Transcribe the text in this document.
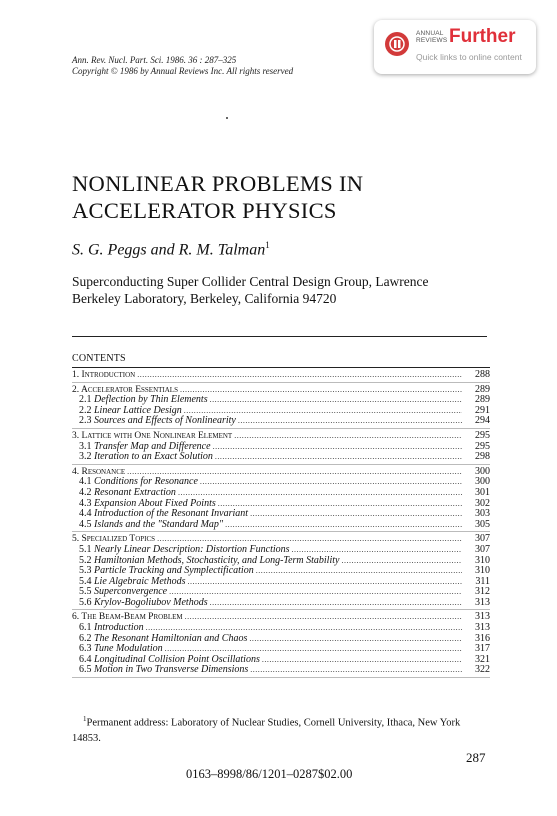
Ann. Rev. Nucl. Part. Sci. 1986. 36 : 287–325
Copyright © 1986 by Annual Reviews Inc. All rights reserved
ANNUAL
REVIEWS Further
Quick links to online content
NONLINEAR PROBLEMS IN
ACCELERATOR PHYSICS
S. G. Peggs and R. M. Talman$^1$
Superconducting Super Collider Central Design Group, Lawrence
Berkeley Laboratory, Berkeley, California 94720
CONTENTS
1. Introduction .....	288
2. Accelerator Essentials .....	289
2.1 Deflection by Thin Elements .....	289
2.2 Linear Lattice Design .....	291
2.3 Sources and Effects of Nonlinearity .....	294
3. Lattice with One Nonlinear Element .....	295
3.1 Transfer Map and Difference .....	295
3.2 Iteration to an Exact Solution .....	298
4. Resonance .....	300
4.1 Conditions for Resonance .....	300
4.2 Resonant Extraction .....	301
4.3 Expansion About Fixed Points .....	302
4.4 Introduction of the Resonant Invariant .....	303
4.5 Islands and the "Standard Map" .....	305
5. Specialized Topics .....	307
5.1 Nearly Linear Description: Distortion Functions .....	307
5.2 Hamiltonian Methods, Stochasticity, and Long-Term Stability .....	310
5.3 Particle Tracking and Symplectification .....	310
5.4 Lie Algebraic Methods .....	311
5.5 Superconvergence .....	312
5.6 Krylov-Bogoliubov Methods .....	313
6. The Beam-Beam Problem .....	313
6.1 Introduction .....	313
6.2 The Resonant Hamiltonian and Chaos .....	316
6.3 Tune Modulation .....	317
6.4 Longitudinal Collision Point Oscillations .....	321
6.5 Motion in Two Transverse Dimensions .....	322
$^1$Permanent address: Laboratory of Nuclear Studies, Cornell University, Ithaca, New York 14853.
287
0163–8998/86/1201–0287$02.00
